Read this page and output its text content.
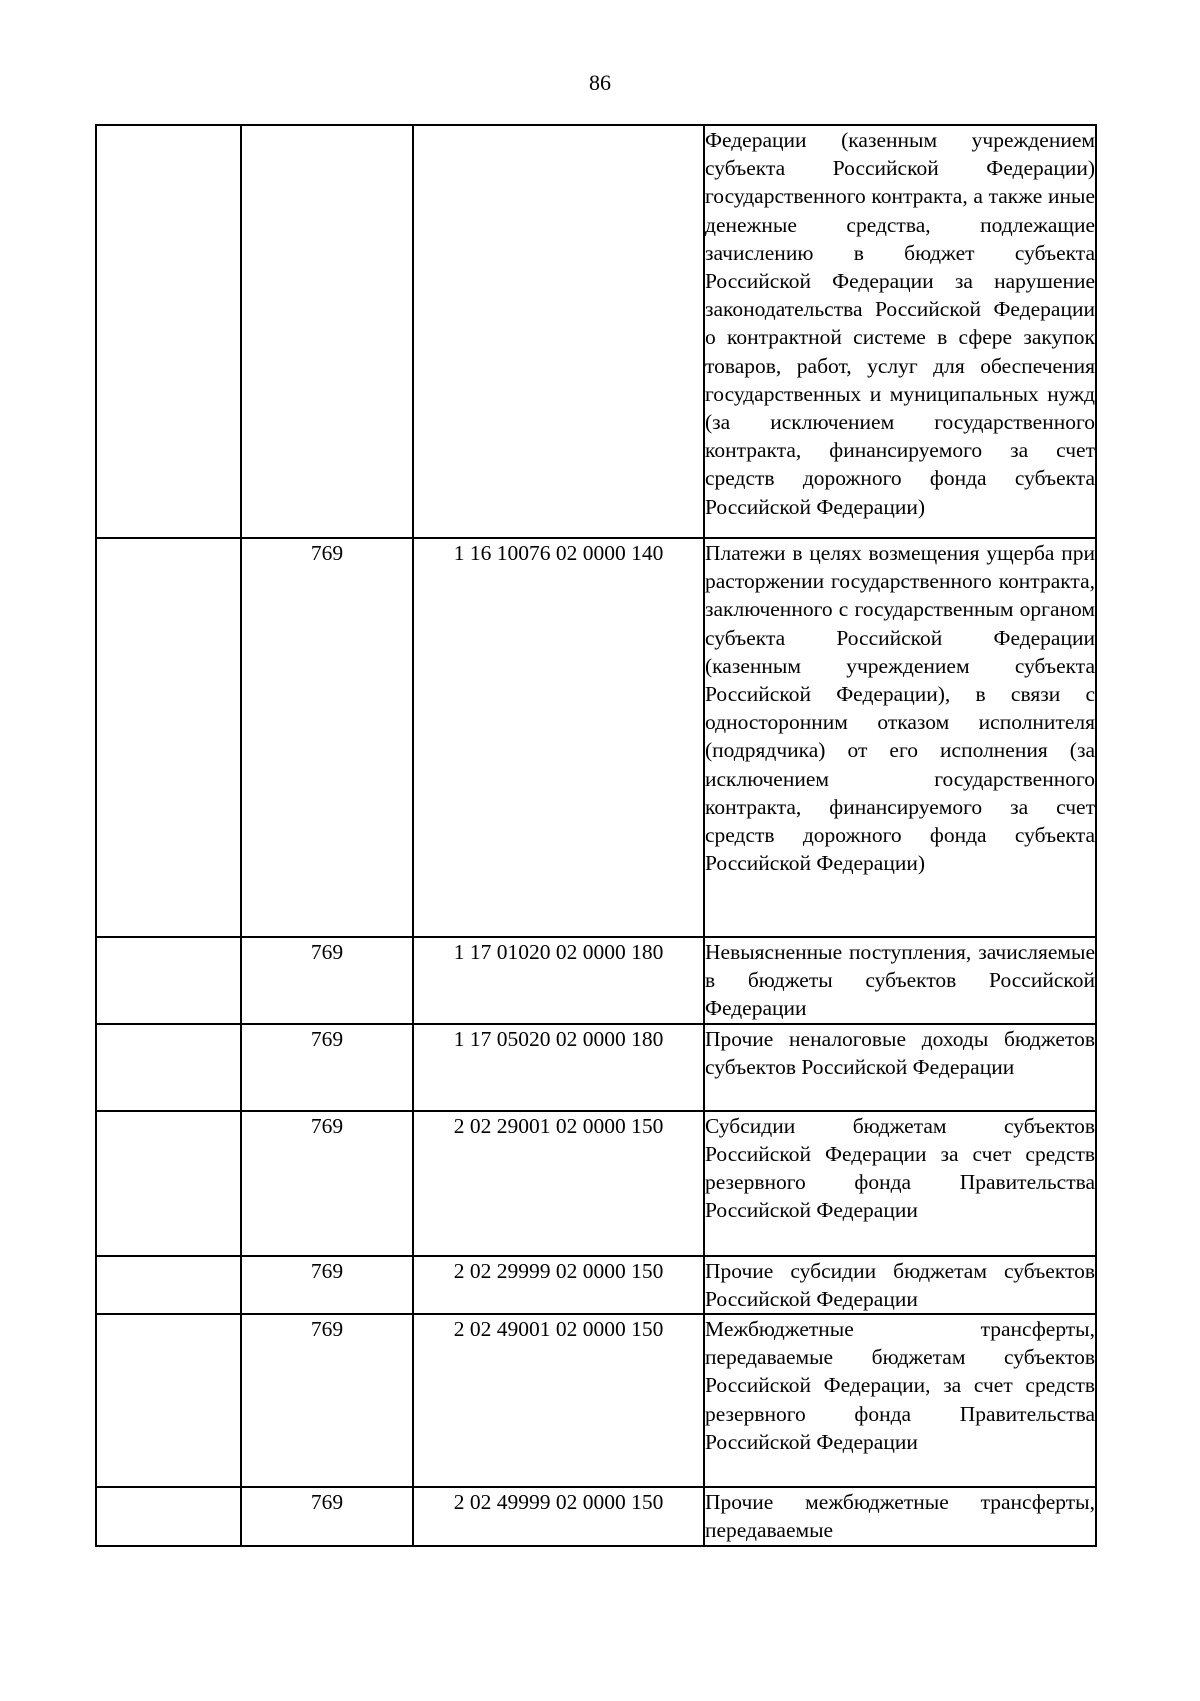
86
			Федерации (казенным учреждением субъекта Российской Федерации) государственного контракта, а также иные денежные средства, подлежащие зачислению в бюджет субъекта Российской Федерации за нарушение законодательства Российской Федерации о контрактной системе в сфере закупок товаров, работ, услуг для обеспечения государственных и муниципальных нужд (за исключением государственного контракта, финансируемого за счет средств дорожного фонда субъекта Российской Федерации)
	769	1 16 10076 02 0000 140	Платежи в целях возмещения ущерба при расторжении государственного контракта, заключенного с государственным органом субъекта Российской Федерации (казенным учреждением субъекта Российской Федерации), в связи с односторонним отказом исполнителя (подрядчика) от его исполнения (за исключением государственного контракта, финансируемого за счет средств дорожного фонда субъекта Российской Федерации)
	769	1 17 01020 02 0000 180	Невыясненные поступления, зачисляемые в бюджеты субъектов Российской Федерации
	769	1 17 05020 02 0000 180	Прочие неналоговые доходы бюджетов субъектов Российской Федерации
	769	2 02 29001 02 0000 150	Субсидии бюджетам субъектов Российской Федерации за счет средств резервного фонда Правительства Российской Федерации
	769	2 02 29999 02 0000 150	Прочие субсидии бюджетам субъектов Российской Федерации
	769	2 02 49001 02 0000 150	Межбюджетные трансферты, передаваемые бюджетам субъектов Российской Федерации, за счет средств резервного фонда Правительства Российской Федерации
	769	2 02 49999 02 0000 150	Прочие межбюджетные трансферты, передаваемые
